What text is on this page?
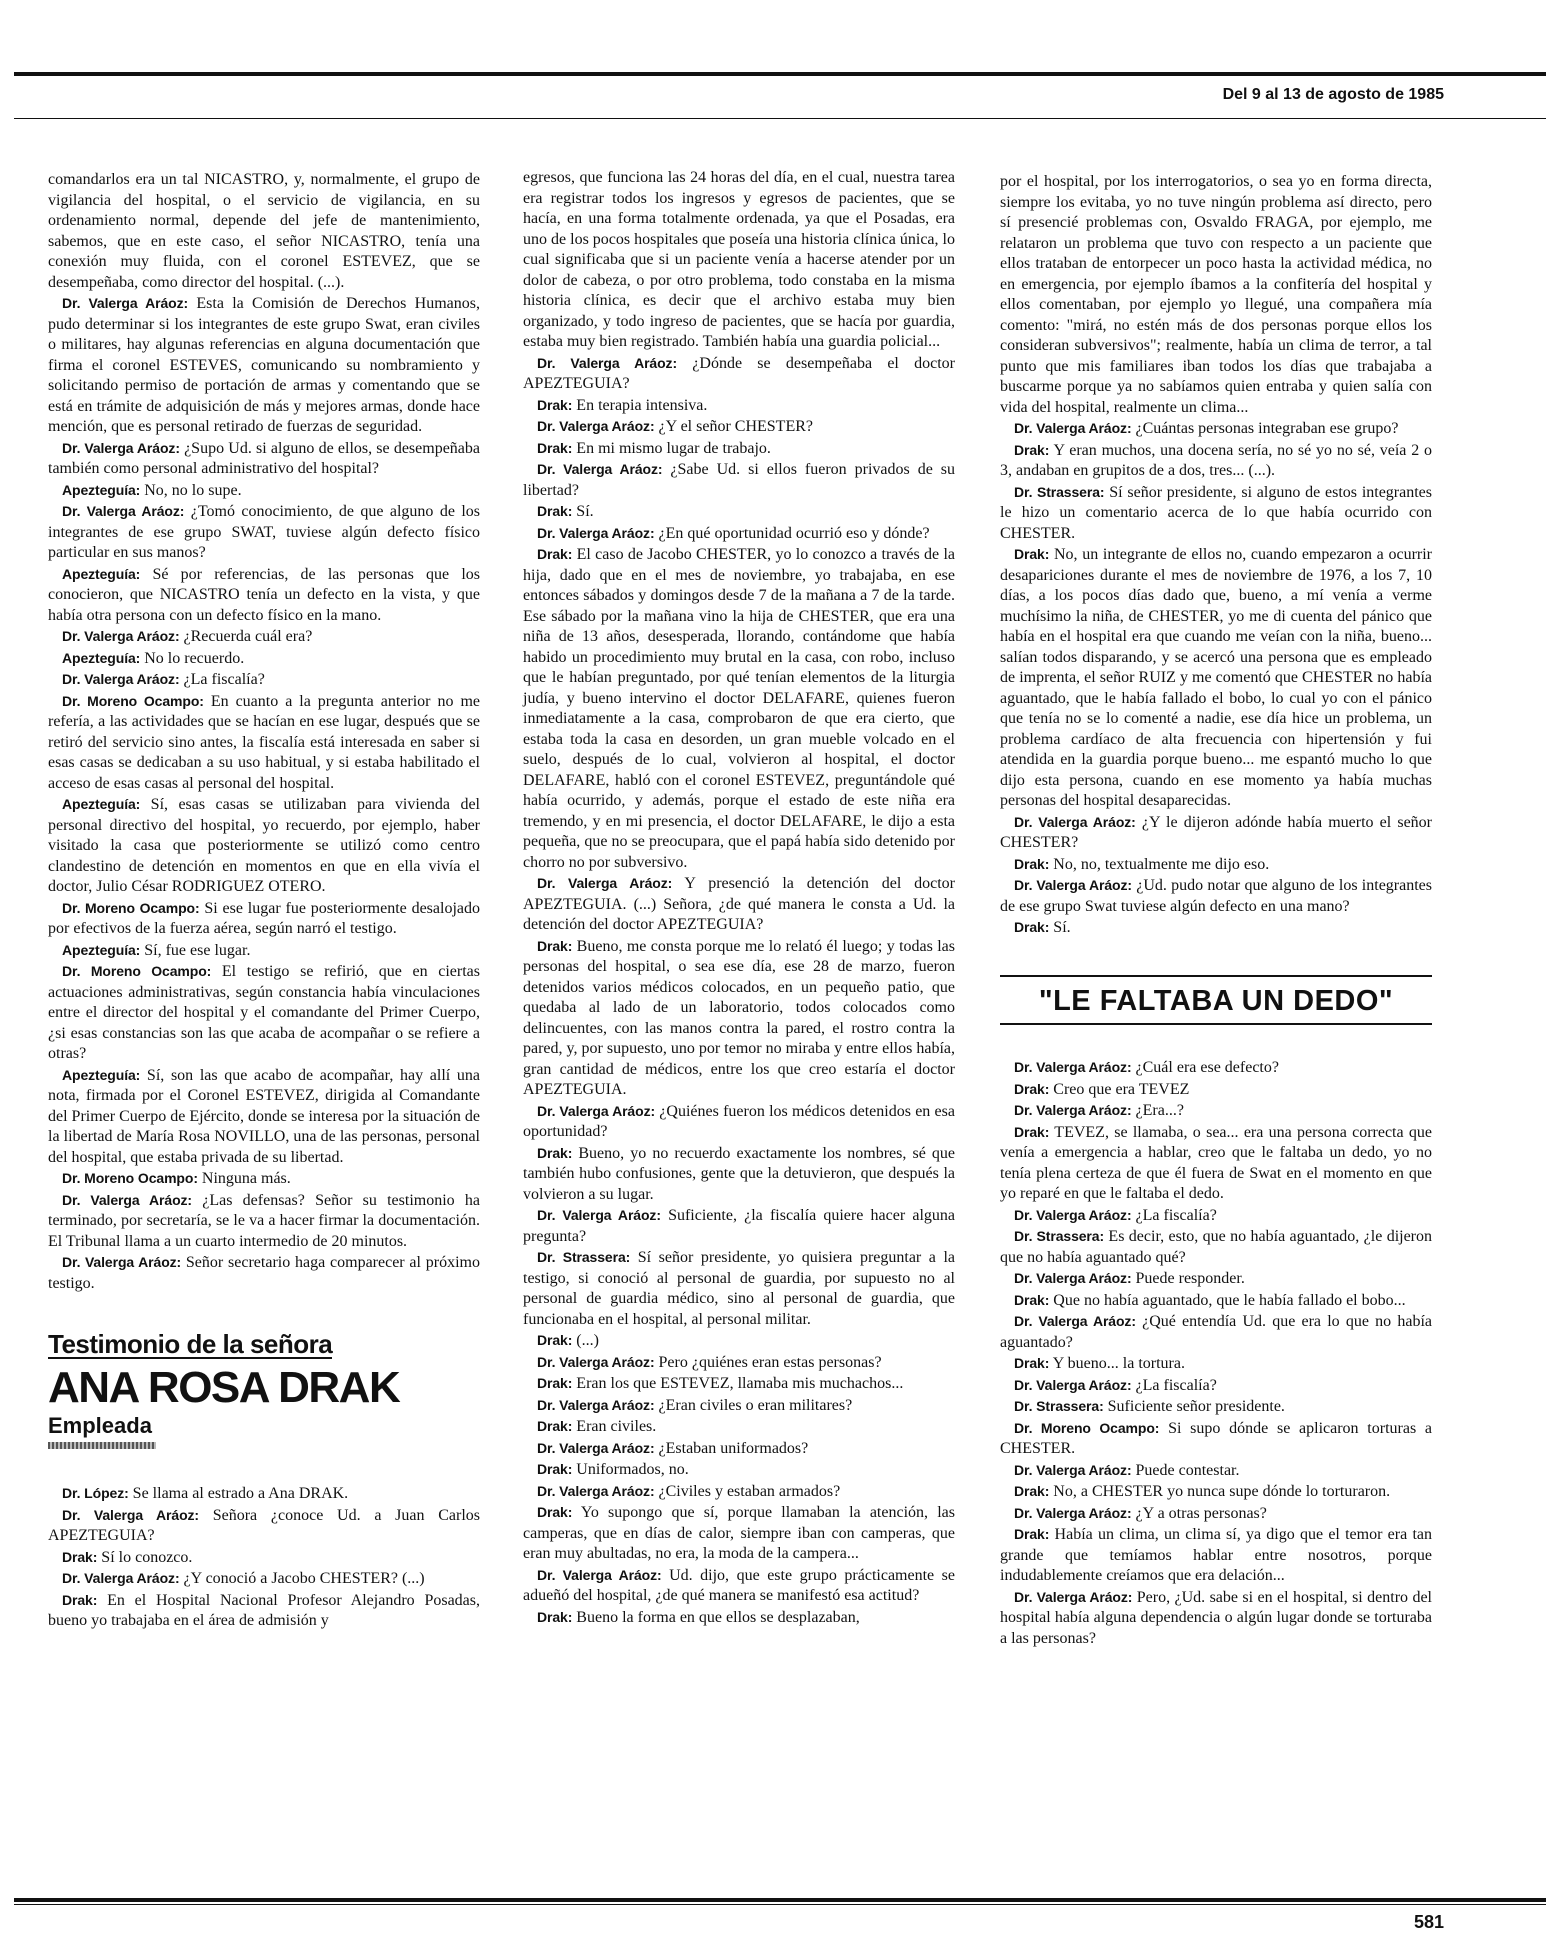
Del 9 al 13 de agosto de 1985

comandarlos era un tal NICASTRO, y, normalmente, el grupo de vigilancia del hospital, o el servicio de vigilancia, en su ordenamiento normal, depende del jefe de mantenimiento, sabemos, que en este caso, el señor NICASTRO, tenía una conexión muy fluida, con el coronel ESTEVEZ, que se desempeñaba, como director del hospital. (...).

Dr. Valerga Aráoz: Esta la Comisión de Derechos Humanos, pudo determinar si los integrantes de este grupo Swat, eran civiles o militares, hay algunas referencias en alguna documentación que firma el coronel ESTEVES, comunicando su nombramiento y solicitando permiso de portación de armas y comentando que se está en trámite de adquisición de más y mejores armas, donde hace mención, que es personal retirado de fuerzas de seguridad.

Dr. Valerga Aráoz: ¿Supo Ud. si alguno de ellos, se desempeñaba también como personal administrativo del hospital?

Apezteguía: No, no lo supe.

Dr. Valerga Aráoz: ¿Tomó conocimiento, de que alguno de los integrantes de ese grupo SWAT, tuviese algún defecto físico particular en sus manos?

Apezteguía: Sé por referencias, de las personas que los conocieron, que NICASTRO tenía un defecto en la vista, y que había otra persona con un defecto físico en la mano.

Dr. Valerga Aráoz: ¿Recuerda cuál era?

Apezteguía: No lo recuerdo.

Dr. Valerga Aráoz: ¿La fiscalía?

Dr. Moreno Ocampo: En cuanto a la pregunta anterior no me refería, a las actividades que se hacían en ese lugar, después que se retiró del servicio sino antes, la fiscalía está interesada en saber si esas casas se dedicaban a su uso habitual, y si estaba habilitado el acceso de esas casas al personal del hospital.

Apezteguía: Sí, esas casas se utilizaban para vivienda del personal directivo del hospital, yo recuerdo, por ejemplo, haber visitado la casa que posteriormente se utilizó como centro clandestino de detención en momentos en que en ella vivía el doctor, Julio César RODRIGUEZ OTERO.

Dr. Moreno Ocampo: Si ese lugar fue posteriormente desalojado por efectivos de la fuerza aérea, según narró el testigo.

Apezteguía: Sí, fue ese lugar.

Dr. Moreno Ocampo: El testigo se refirió, que en ciertas actuaciones administrativas, según constancia había vinculaciones entre el director del hospital y el comandante del Primer Cuerpo, ¿si esas constancias son las que acaba de acompañar o se refiere a otras?

Apezteguía: Sí, son las que acabo de acompañar, hay allí una nota, firmada por el Coronel ESTEVEZ, dirigida al Comandante del Primer Cuerpo de Ejército, donde se interesa por la situación de la libertad de María Rosa NOVILLO, una de las personas, personal del hospital, que estaba privada de su libertad.

Dr. Moreno Ocampo: Ninguna más.

Dr. Valerga Aráoz: ¿Las defensas? Señor su testimonio ha terminado, por secretaría, se le va a hacer firmar la documentación. El Tribunal llama a un cuarto intermedio de 20 minutos.

Dr. Valerga Aráoz: Señor secretario haga comparecer al próximo testigo.

Testimonio de la señora
ANA ROSA DRAK
Empleada

Dr. López: Se llama al estrado a Ana DRAK.

Dr. Valerga Aráoz: Señora ¿conoce Ud. a Juan Carlos APEZTEGUIA?

Drak: Sí lo conozco.

Dr. Valerga Aráoz: ¿Y conoció a Jacobo CHESTER? (...)

Drak: En el Hospital Nacional Profesor Alejandro Posadas, bueno yo trabajaba en el área de admisión y

egresos, que funciona las 24 horas del día, en el cual, nuestra tarea era registrar todos los ingresos y egresos de pacientes, que se hacía, en una forma totalmente ordenada, ya que el Posadas, era uno de los pocos hospitales que poseía una historia clínica única, lo cual significaba que si un paciente venía a hacerse atender por un dolor de cabeza, o por otro problema, todo constaba en la misma historia clínica, es decir que el archivo estaba muy bien organizado, y todo ingreso de pacientes, que se hacía por guardia, estaba muy bien registrado. También había una guardia policial...

Dr. Valerga Aráoz: ¿Dónde se desempeñaba el doctor APEZTEGUIA?

Drak: En terapia intensiva.

Dr. Valerga Aráoz: ¿Y el señor CHESTER?

Drak: En mi mismo lugar de trabajo.

Dr. Valerga Aráoz: ¿Sabe Ud. si ellos fueron privados de su libertad?

Drak: Sí.

Dr. Valerga Aráoz: ¿En qué oportunidad ocurrió eso y dónde?

Drak: El caso de Jacobo CHESTER, yo lo conozco a través de la hija, dado que en el mes de noviembre, yo trabajaba, en ese entonces sábados y domingos desde 7 de la mañana a 7 de la tarde. Ese sábado por la mañana vino la hija de CHESTER, que era una niña de 13 años, desesperada, llorando, contándome que había habido un procedimiento muy brutal en la casa, con robo, incluso que le habían preguntado, por qué tenían elementos de la liturgia judía, y bueno intervino el doctor DELAFARE, quienes fueron inmediatamente a la casa, comprobaron de que era cierto, que estaba toda la casa en desorden, un gran mueble volcado en el suelo, después de lo cual, volvieron al hospital, el doctor DELAFARE, habló con el coronel ESTEVEZ, preguntándole qué había ocurrido, y además, porque el estado de este niña era tremendo, y en mi presencia, el doctor DELAFARE, le dijo a esta pequeña, que no se preocupara, que el papá había sido detenido por chorro no por subversivo.

Dr. Valerga Aráoz: Y presenció la detención del doctor APEZTEGUIA. (...) Señora, ¿de qué manera le consta a Ud. la detención del doctor APEZTEGUIA?

Drak: Bueno, me consta porque me lo relató él luego; y todas las personas del hospital, o sea ese día, ese 28 de marzo, fueron detenidos varios médicos colocados, en un pequeño patio, que quedaba al lado de un laboratorio, todos colocados como delincuentes, con las manos contra la pared, el rostro contra la pared, y, por supuesto, uno por temor no miraba y entre ellos había, gran cantidad de médicos, entre los que creo estaría el doctor APEZTEGUIA.

Dr. Valerga Aráoz: ¿Quiénes fueron los médicos detenidos en esa oportunidad?

Drak: Bueno, yo no recuerdo exactamente los nombres, sé que también hubo confusiones, gente que la detuvieron, que después la volvieron a su lugar.

Dr. Valerga Aráoz: Suficiente, ¿la fiscalía quiere hacer alguna pregunta?

Dr. Strassera: Sí señor presidente, yo quisiera preguntar a la testigo, si conoció al personal de guardia, por supuesto no al personal de guardia médico, sino al personal de guardia, que funcionaba en el hospital, al personal militar.

Drak: (...)

Dr. Valerga Aráoz: Pero ¿quiénes eran estas personas?

Drak: Eran los que ESTEVEZ, llamaba mis muchachos...

Dr. Valerga Aráoz: ¿Eran civiles o eran militares?

Drak: Eran civiles.

Dr. Valerga Aráoz: ¿Estaban uniformados?

Drak: Uniformados, no.

Dr. Valerga Aráoz: ¿Civiles y estaban armados?

Drak: Yo supongo que sí, porque llamaban la atención, las camperas, que en días de calor, siempre iban con camperas, que eran muy abultadas, no era, la moda de la campera...

Dr. Valerga Aráoz: Ud. dijo, que este grupo prácticamente se adueñó del hospital, ¿de qué manera se manifestó esa actitud?

Drak: Bueno la forma en que ellos se desplazaban,

por el hospital, por los interrogatorios, o sea yo en forma directa, siempre los evitaba, yo no tuve ningún problema así directo, pero sí presencié problemas con, Osvaldo FRAGA, por ejemplo, me relataron un problema que tuvo con respecto a un paciente que ellos trataban de entorpecer un poco hasta la actividad médica, no en emergencia, por ejemplo íbamos a la confitería del hospital y ellos comentaban, por ejemplo yo llegué, una compañera mía comento: "mirá, no estén más de dos personas porque ellos los consideran subversivos"; realmente, había un clima de terror, a tal punto que mis familiares iban todos los días que trabajaba a buscarme porque ya no sabíamos quien entraba y quien salía con vida del hospital, realmente un clima...

Dr. Valerga Aráoz: ¿Cuántas personas integraban ese grupo?

Drak: Y eran muchos, una docena sería, no sé yo no sé, veía 2 o 3, andaban en grupitos de a dos, tres... (...).

Dr. Strassera: Sí señor presidente, si alguno de estos integrantes le hizo un comentario acerca de lo que había ocurrido con CHESTER.

Drak: No, un integrante de ellos no, cuando empezaron a ocurrir desapariciones durante el mes de noviembre de 1976, a los 7, 10 días, a los pocos días dado que, bueno, a mí venía a verme muchísimo la niña, de CHESTER, yo me di cuenta del pánico que había en el hospital era que cuando me veían con la niña, bueno... salían todos disparando, y se acercó una persona que es empleado de imprenta, el señor RUIZ y me comentó que CHESTER no había aguantado, que le había fallado el bobo, lo cual yo con el pánico que tenía no se lo comenté a nadie, ese día hice un problema, un problema cardíaco de alta frecuencia con hipertensión y fui atendida en la guardia porque bueno... me espantó mucho lo que dijo esta persona, cuando en ese momento ya había muchas personas del hospital desaparecidas.

Dr. Valerga Aráoz: ¿Y le dijeron adónde había muerto el señor CHESTER?

Drak: No, no, textualmente me dijo eso.

Dr. Valerga Aráoz: ¿Ud. pudo notar que alguno de los integrantes de ese grupo Swat tuviese algún defecto en una mano?

Drak: Sí.

"LE FALTABA UN DEDO"

Dr. Valerga Aráoz: ¿Cuál era ese defecto?

Drak: Creo que era TEVEZ

Dr. Valerga Aráoz: ¿Era...?

Drak: TEVEZ, se llamaba, o sea... era una persona correcta que venía a emergencia a hablar, creo que le faltaba un dedo, yo no tenía plena certeza de que él fuera de Swat en el momento en que yo reparé en que le faltaba el dedo.

Dr. Valerga Aráoz: ¿La fiscalía?

Dr. Strassera: Es decir, esto, que no había aguantado, ¿le dijeron que no había aguantado qué?

Dr. Valerga Aráoz: Puede responder.

Drak: Que no había aguantado, que le había fallado el bobo...

Dr. Valerga Aráoz: ¿Qué entendía Ud. que era lo que no había aguantado?

Drak: Y bueno... la tortura.

Dr. Valerga Aráoz: ¿La fiscalía?

Dr. Strassera: Suficiente señor presidente.

Dr. Moreno Ocampo: Si supo dónde se aplicaron torturas a CHESTER.

Dr. Valerga Aráoz: Puede contestar.

Drak: No, a CHESTER yo nunca supe dónde lo torturaron.

Dr. Valerga Aráoz: ¿Y a otras personas?

Drak: Había un clima, un clima sí, ya digo que el temor era tan grande que temíamos hablar entre nosotros, porque indudablemente creíamos que era delación...

Dr. Valerga Aráoz: Pero, ¿Ud. sabe si en el hospital, si dentro del hospital había alguna dependencia o algún lugar donde se torturaba a las personas?

581
